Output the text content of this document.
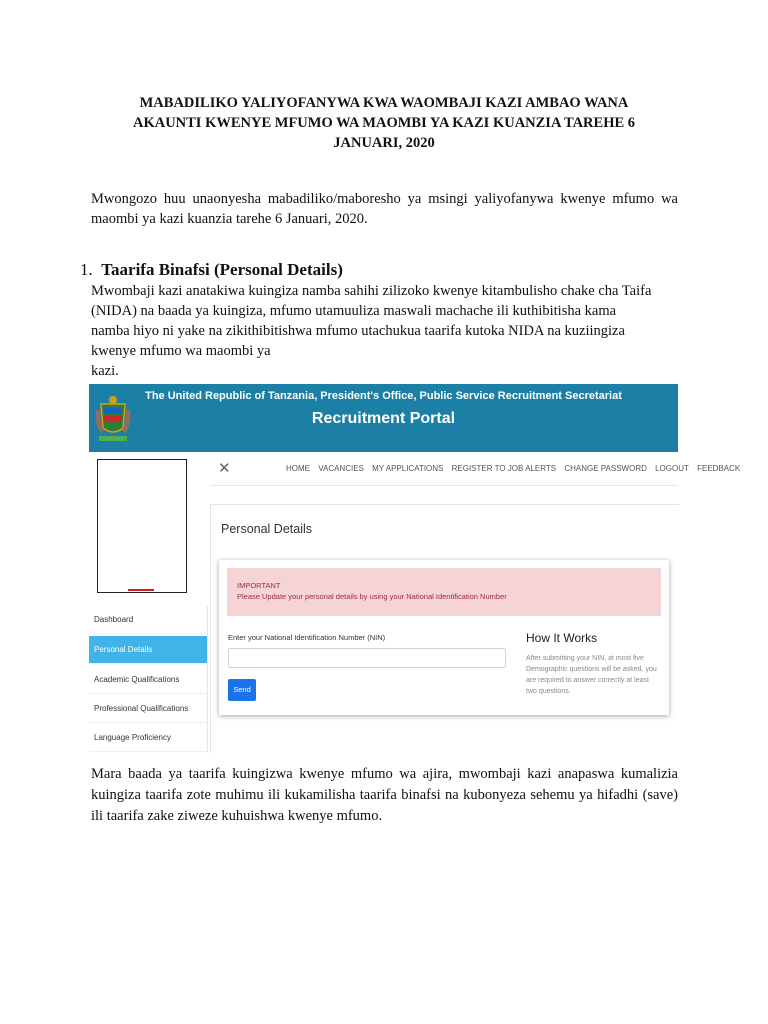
MABADILIKO YALIYOFANYWA KWA WAOMBAJI KAZI AMBAO WANA
AKAUNTI KWENYE MFUMO WA MAOMBI YA KAZI KUANZIA TAREHE 6
JANUARI, 2020
Mwongozo huu unaonyesha mabadiliko/maboresho ya msingi yaliyofanywa kwenye mfumo wa maombi ya kazi kuanzia tarehe 6 Januari, 2020.
1. Taarifa Binafsi (Personal Details)

Mwombaji kazi anatakiwa kuingiza namba sahihi zilizoko kwenye kitambulisho chake cha Taifa

(NIDA) na baada ya kuingiza, mfumo utamuuliza maswali machache ili kuthibitisha kama

namba hiyo ni yake na zikithibitishwa mfumo utachukua taarifa kutoka NIDA na kuziingiza

kwenye mfumo wa maombi ya

kazi.

The United Republic of Tanzania, President's Office, Public Service Recruitment Secretariat
Recruitment Portal
✕	HOME VACANCIES MY APPLICATIONS REGISTER TO JOB ALERTS CHANGE PASSWORD LOGOUT FEEDBACK
Personal Details
IMPORTANT
Please Update your personal details by using your National Identification Number
Enter your National Identification Number (NIN)
Send
How It Works
After submitting your NIN, at most five Demographic questions will be asked, you are required to answer correctly at least two questions.
Dashboard
Personal Details
Academic Qualifications
Professional Qualifications
Language Proficiency
Mara baada ya taarifa kuingizwa kwenye mfumo wa ajira, mwombaji kazi anapaswa kumalizia kuingiza taarifa zote muhimu ili kukamilisha taarifa binafsi na kubonyeza sehemu ya hifadhi (save) ili taarifa zake ziweze kuhuishwa kwenye mfumo.
